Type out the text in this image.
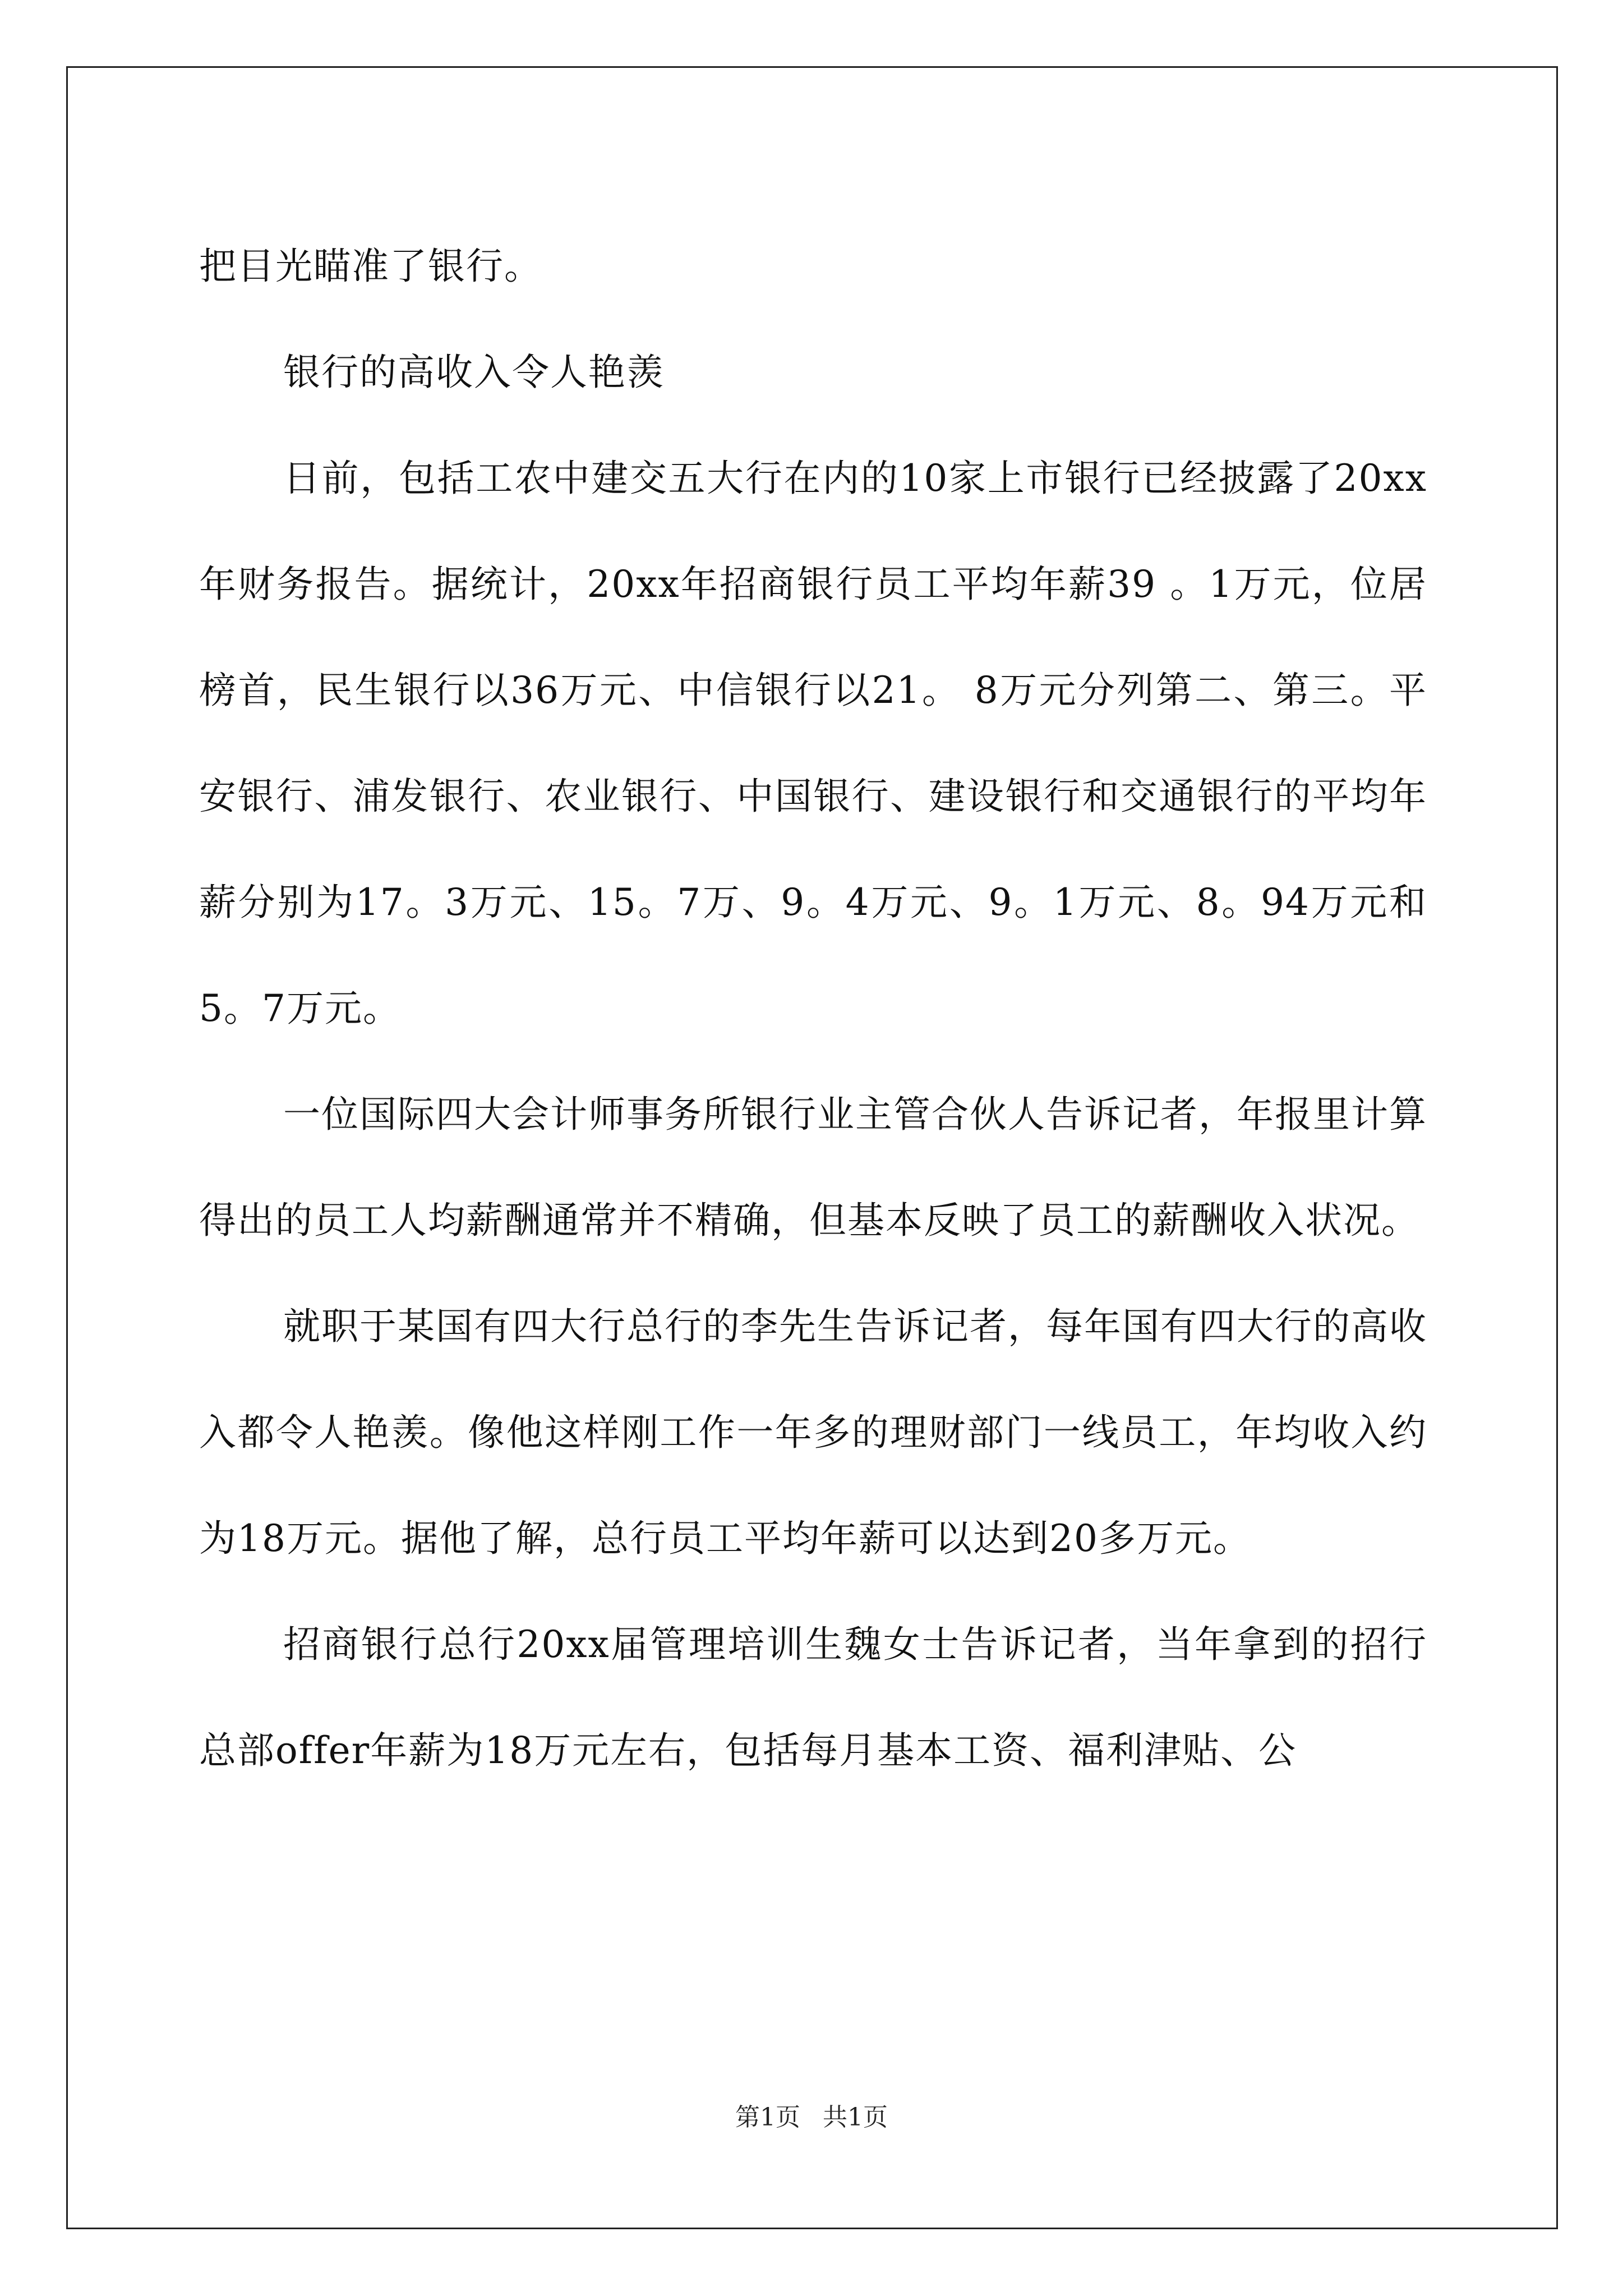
把目光瞄准了银行。

银行的高收入令人艳羡

日前，包括工农中建交五大行在内的10家上市银行已经披露了20xx年财务报告。据统计，20xx年招商银行员工平均年薪39 。1万元，位居榜首，民生银行以36万元、中信银行以21。 8万元分列第二、第三。平安银行、浦发银行、农业银行、中国银行、建设银行和交通银行的平均年薪分别为17。3万元、15。7万、9。4万元、9。1万元、8。94万元和5。7万元。

一位国际四大会计师事务所银行业主管合伙人告诉记者，年报里计算得出的员工人均薪酬通常并不精确，但基本反映了员工的薪酬收入状况。

就职于某国有四大行总行的李先生告诉记者，每年国有四大行的高收入都令人艳羡。像他这样刚工作一年多的理财部门一线员工，年均收入约为18万元。据他了解，总行员工平均年薪可以达到20多万元。

招商银行总行20xx届管理培训生魏女士告诉记者，当年拿到的招行总部offer年薪为18万元左右，包括每月基本工资、福利津贴、公

第1页 共1页
